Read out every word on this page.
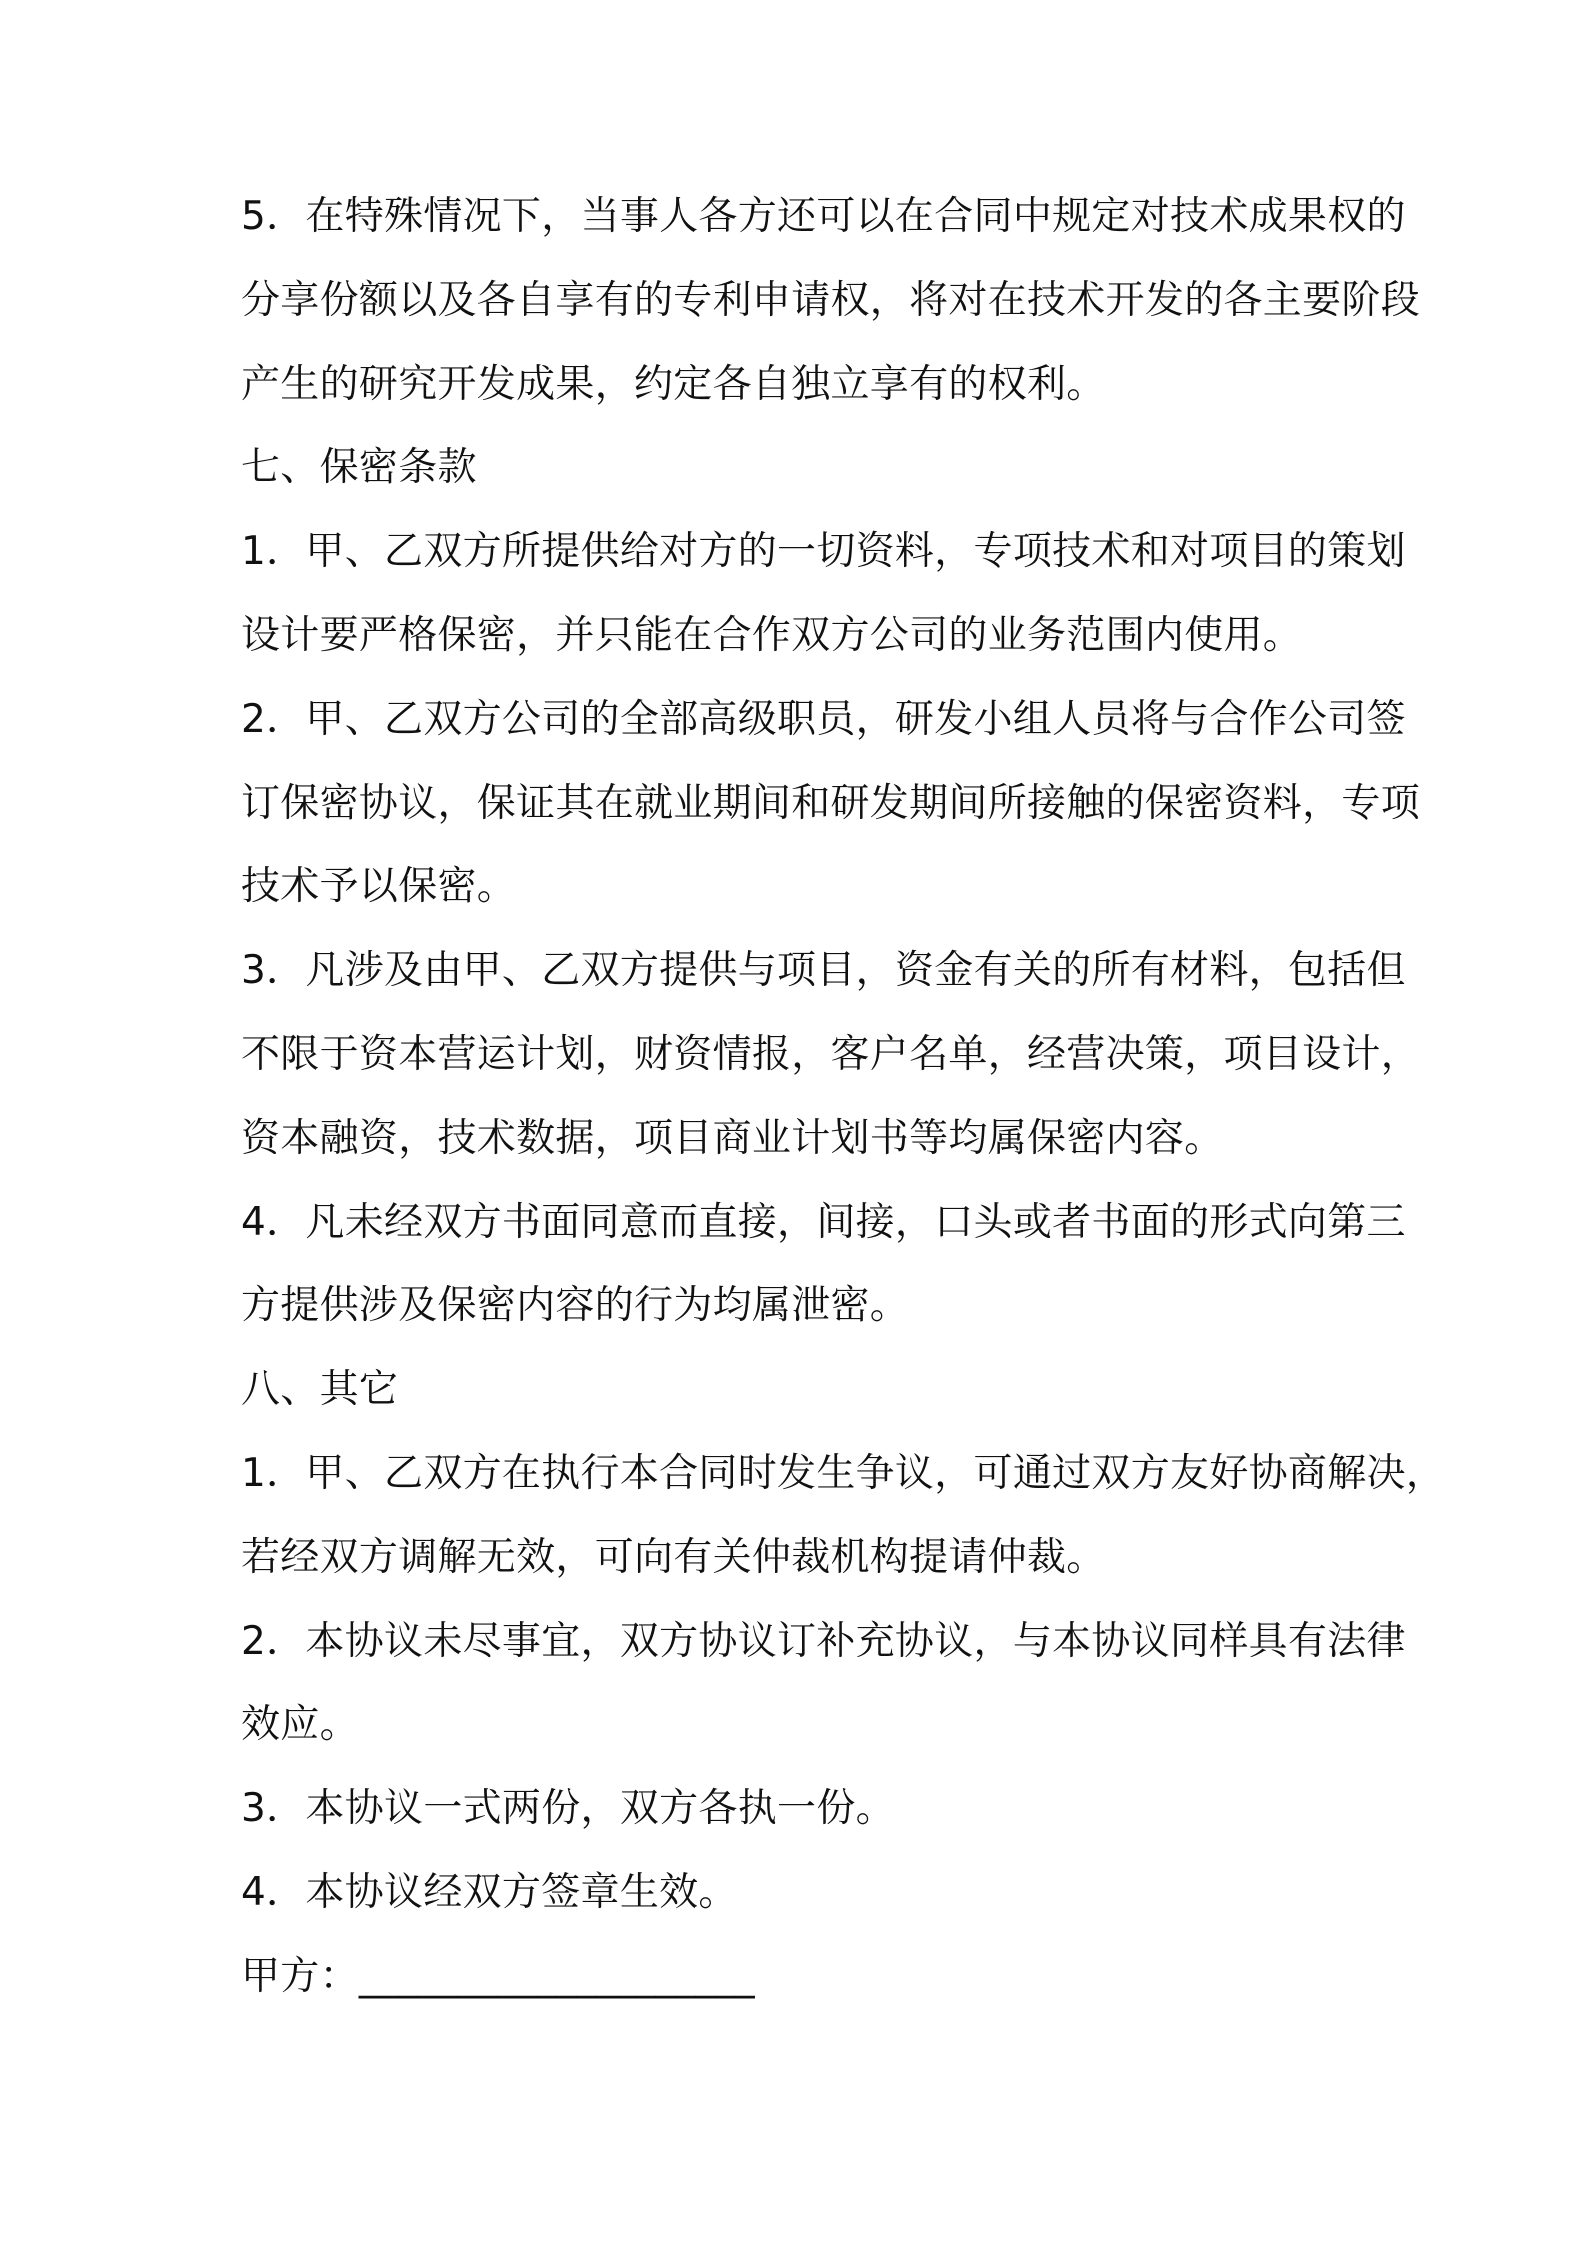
5．在特殊情况下，当事人各方还可以在合同中规定对技术成果权的
分享份额以及各自享有的专利申请权，将对在技术开发的各主要阶段
产生的研究开发成果，约定各自独立享有的权利。
七、保密条款
1．甲、乙双方所提供给对方的一切资料，专项技术和对项目的策划
设计要严格保密，并只能在合作双方公司的业务范围内使用。
2．甲、乙双方公司的全部高级职员，研发小组人员将与合作公司签
订保密协议，保证其在就业期间和研发期间所接触的保密资料，专项
技术予以保密。
3．凡涉及由甲、乙双方提供与项目，资金有关的所有材料，包括但
不限于资本营运计划，财资情报，客户名单，经营决策，项目设计，
资本融资，技术数据，项目商业计划书等均属保密内容。
4．凡未经双方书面同意而直接，间接，口头或者书面的形式向第三
方提供涉及保密内容的行为均属泄密。
八、其它
1．甲、乙双方在执行本合同时发生争议，可通过双方友好协商解决，
若经双方调解无效，可向有关仲裁机构提请仲裁。
2．本协议未尽事宜，双方协议订补充协议，与本协议同样具有法律
效应。
3．本协议一式两份，双方各执一份。
4．本协议经双方签章生效。
甲方：____________________
